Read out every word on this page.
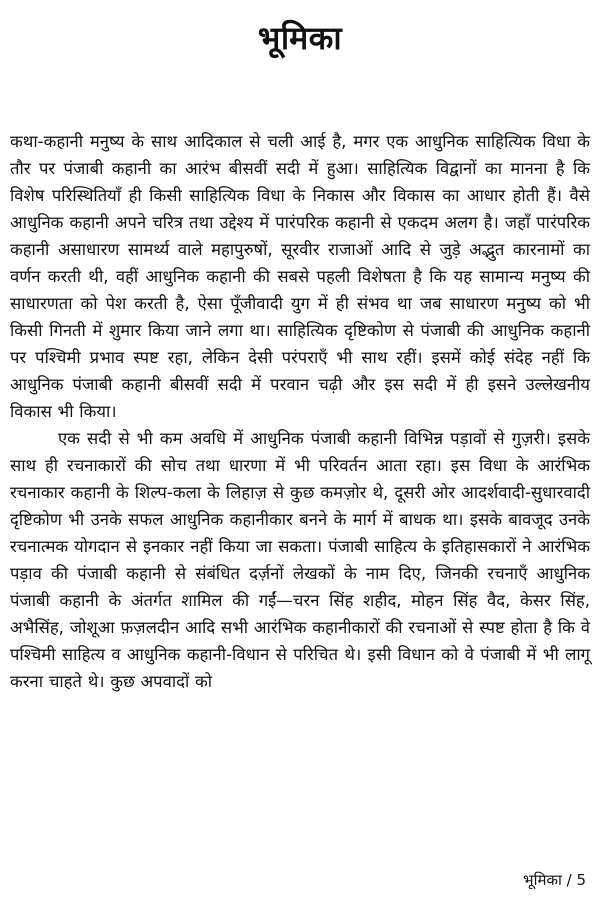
भूमिका

कथा-कहानी मनुष्य के साथ आदिकाल से चली आई है, मगर एक आधुनिक साहित्यिक विधा के तौर पर पंजाबी कहानी का आरंभ बीसवीं सदी में हुआ। साहित्यिक विद्वानों का मानना है कि विशेष परिस्थितियाँ ही किसी साहित्यिक विधा के निकास और विकास का आधार होती हैं। वैसे आधुनिक कहानी अपने चरित्र तथा उद्देश्य में पारंपरिक कहानी से एकदम अलग है। जहाँ पारंपरिक कहानी असाधारण सामर्थ्य वाले महापुरुषों, सूरवीर राजाओं आदि से जुड़े अद्भुत कारनामों का वर्णन करती थी, वहीं आधुनिक कहानी की सबसे पहली विशेषता है कि यह सामान्य मनुष्य की साधारणता को पेश करती है, ऐसा पूँजीवादी युग में ही संभव था जब साधारण मनुष्य को भी किसी गिनती में शुमार किया जाने लगा था। साहित्यिक दृष्टिकोण से पंजाबी की आधुनिक कहानी पर पश्चिमी प्रभाव स्पष्ट रहा, लेकिन देसी परंपराएँ भी साथ रहीं। इसमें कोई संदेह नहीं कि आधुनिक पंजाबी कहानी बीसवीं सदी में परवान चढ़ी और इस सदी में ही इसने उल्लेखनीय विकास भी किया।

एक सदी से भी कम अवधि में आधुनिक पंजाबी कहानी विभिन्न पड़ावों से गुज़री। इसके साथ ही रचनाकारों की सोच तथा धारणा में भी परिवर्तन आता रहा। इस विधा के आरंभिक रचनाकार कहानी के शिल्प-कला के लिहाज़ से कुछ कमज़ोर थे, दूसरी ओर आदर्शवादी-सुधारवादी दृष्टिकोण भी उनके सफल आधुनिक कहानीकार बनने के मार्ग में बाधक था। इसके बावजूद उनके रचनात्मक योगदान से इनकार नहीं किया जा सकता। पंजाबी साहित्य के इतिहासकारों ने आरंभिक पड़ाव की पंजाबी कहानी से संबंधित दर्ज़नों लेखकों के नाम दिए, जिनकी रचनाएँ आधुनिक पंजाबी कहानी के अंतर्गत शामिल की गईं—चरन सिंह शहीद, मोहन सिंह वैद, केसर सिंह, अभैसिंह, जोशूआ फ़ज़लदीन आदि सभी आरंभिक कहानीकारों की रचनाओं से स्पष्ट होता है कि वे पश्चिमी साहित्य व आधुनिक कहानी-विधान से परिचित थे। इसी विधान को वे पंजाबी में भी लागू करना चाहते थे। कुछ अपवादों को

भूमिका / 5
